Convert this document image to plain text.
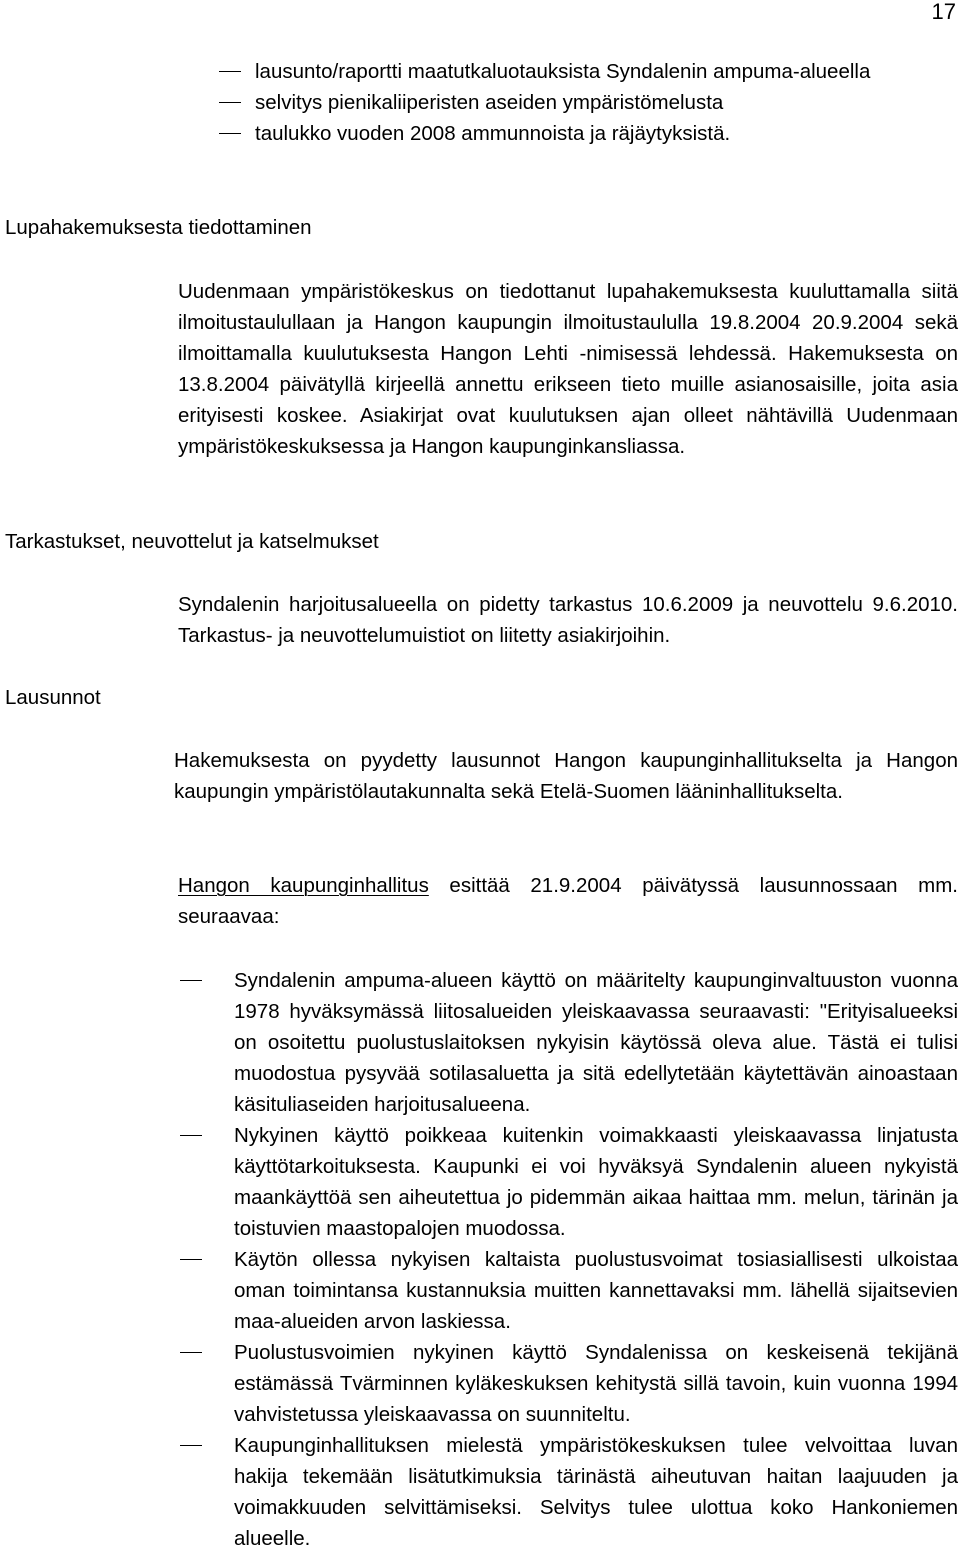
17
lausunto/raportti maatutkaluotauksista Syndalenin ampuma-alueella
selvitys pienikaliiperisten aseiden ympäristömelusta
taulukko vuoden 2008 ammunnoista ja räjäytyksistä.
Lupahakemuksesta tiedottaminen

Uudenmaan ympäristökeskus on tiedottanut lupahakemuksesta kuuluttamalla siitä ilmoitustaulullaan ja Hangon kaupungin ilmoitustaululla 19.8.2004 20.9.2004 sekä ilmoittamalla kuulutuksesta Hangon Lehti -nimisessä lehdessä. Hakemuksesta on 13.8.2004 päivätyllä kirjeellä annettu erikseen tieto muille asianosaisille, joita asia erityisesti koskee. Asiakirjat ovat kuulutuksen ajan olleet nähtävillä Uudenmaan ympäristökeskuksessa ja Hangon kaupunginkansliassa.

Tarkastukset, neuvottelut ja katselmukset

Syndalenin harjoitusalueella on pidetty tarkastus 10.6.2009 ja neuvottelu 9.6.2010. Tarkastus- ja neuvottelumuistiot on liitetty asiakirjoihin.

Lausunnot

Hakemuksesta on pyydetty lausunnot Hangon kaupunginhallitukselta ja Hangon kaupungin ympäristölautakunnalta sekä Etelä-Suomen lääninhallitukselta.

Hangon kaupunginhallitus esittää 21.9.2004 päivätyssä lausunnossaan mm. seuraavaa:

Syndalenin ampuma-alueen käyttö on määritelty kaupunginvaltuuston vuonna 1978 hyväksymässä liitosalueiden yleiskaavassa seuraavasti: "Erityisalueeksi on osoitettu puolustuslaitoksen nykyisin käytössä oleva alue. Tästä ei tulisi muodostua pysyvää sotilasaluetta ja sitä edellytetään käytettävän ainoastaan käsituliaseiden harjoitusalueena.
Nykyinen käyttö poikkeaa kuitenkin voimakkaasti yleiskaavassa linjatusta käyttötarkoituksesta. Kaupunki ei voi hyväksyä Syndalenin alueen nykyistä maankäyttöä sen aiheutettua jo pidemmän aikaa haittaa mm. melun, tärinän ja toistuvien maastopalojen muodossa.
Käytön ollessa nykyisen kaltaista puolustusvoimat tosiasiallisesti ulkoistaa oman toimintansa kustannuksia muitten kannettavaksi mm. lähellä sijaitsevien maa-alueiden arvon laskiessa.
Puolustusvoimien nykyinen käyttö Syndalenissa on keskeisenä tekijänä estämässä Tvärminnen kyläkeskuksen kehitystä sillä tavoin, kuin vuonna 1994 vahvistetussa yleiskaavassa on suunniteltu.
Kaupunginhallituksen mielestä ympäristökeskuksen tulee velvoittaa luvan hakija tekemään lisätutkimuksia tärinästä aiheutuvan haitan laajuuden ja voimakkuuden selvittämiseksi. Selvitys tulee ulottua koko Hankoniemen alueelle.
